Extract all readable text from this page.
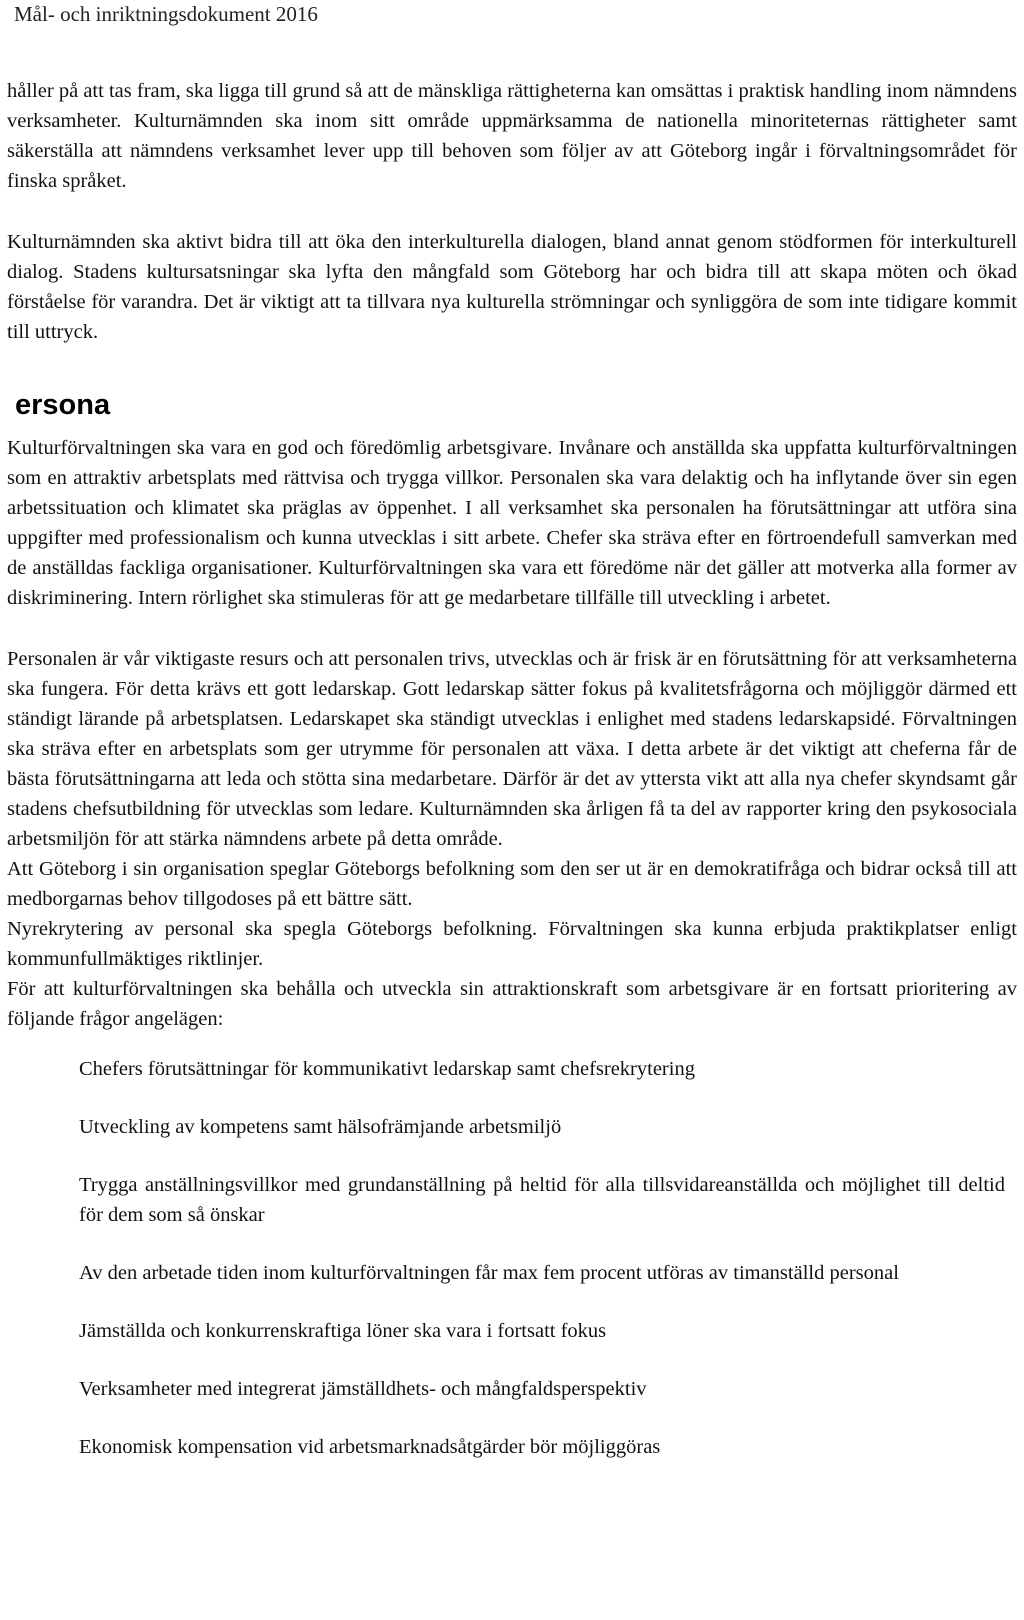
Mål- och inriktningsdokument 2016

håller på att tas fram, ska ligga till grund så att de mänskliga rättigheterna kan omsättas i praktisk handling inom nämndens verksamheter. Kulturnämnden ska inom sitt område uppmärksamma de nationella minoriteternas rättigheter samt säkerställa att nämndens verksamhet lever upp till behoven som följer av att Göteborg ingår i förvaltningsområdet för finska språket.

Kulturnämnden ska aktivt bidra till att öka den interkulturella dialogen, bland annat genom stödformen för interkulturell dialog. Stadens kultursatsningar ska lyfta den mångfald som Göteborg har och bidra till att skapa möten och ökad förståelse för varandra. Det är viktigt att ta tillvara nya kulturella strömningar och synliggöra de som inte tidigare kommit till uttryck.

ersona

Kulturförvaltningen ska vara en god och föredömlig arbetsgivare. Invånare och anställda ska uppfatta kulturförvaltningen som en attraktiv arbetsplats med rättvisa och trygga villkor. Personalen ska vara delaktig och ha inflytande över sin egen arbetssituation och klimatet ska präglas av öppenhet. I all verksamhet ska personalen ha förutsättningar att utföra sina uppgifter med professionalism och kunna utvecklas i sitt arbete. Chefer ska sträva efter en förtroendefull samverkan med de anställdas fackliga organisationer. Kulturförvaltningen ska vara ett föredöme när det gäller att motverka alla former av diskriminering. Intern rörlighet ska stimuleras för att ge medarbetare tillfälle till utveckling i arbetet.

Personalen är vår viktigaste resurs och att personalen trivs, utvecklas och är frisk är en förutsättning för att verksamheterna ska fungera. För detta krävs ett gott ledarskap. Gott ledarskap sätter fokus på kvalitetsfrågorna och möjliggör därmed ett ständigt lärande på arbetsplatsen. Ledarskapet ska ständigt utvecklas i enlighet med stadens ledarskapsidé. Förvaltningen ska sträva efter en arbetsplats som ger utrymme för personalen att växa. I detta arbete är det viktigt att cheferna får de bästa förutsättningarna att leda och stötta sina medarbetare. Därför är det av yttersta vikt att alla nya chefer skyndsamt går stadens chefsutbildning för utvecklas som ledare. Kulturnämnden ska årligen få ta del av rapporter kring den psykosociala arbetsmiljön för att stärka nämndens arbete på detta område.

Att Göteborg i sin organisation speglar Göteborgs befolkning som den ser ut är en demokratifråga och bidrar också till att medborgarnas behov tillgodoses på ett bättre sätt.

Nyrekrytering av personal ska spegla Göteborgs befolkning. Förvaltningen ska kunna erbjuda praktikplatser enligt kommunfullmäktiges riktlinjer.

För att kulturförvaltningen ska behålla och utveckla sin attraktionskraft som arbetsgivare är en fortsatt prioritering av följande frågor angelägen:

Chefers förutsättningar för kommunikativt ledarskap samt chefsrekrytering
Utveckling av kompetens samt hälsofrämjande arbetsmiljö
Trygga anställningsvillkor med grundanställning på heltid för alla tillsvidareanställda och möjlighet till deltid för dem som så önskar
Av den arbetade tiden inom kulturförvaltningen får max fem procent utföras av timanställd personal
Jämställda och konkurrenskraftiga löner ska vara i fortsatt fokus
Verksamheter med integrerat jämställdhets- och mångfaldsperspektiv
Ekonomisk kompensation vid arbetsmarknadsåtgärder bör möjliggöras
